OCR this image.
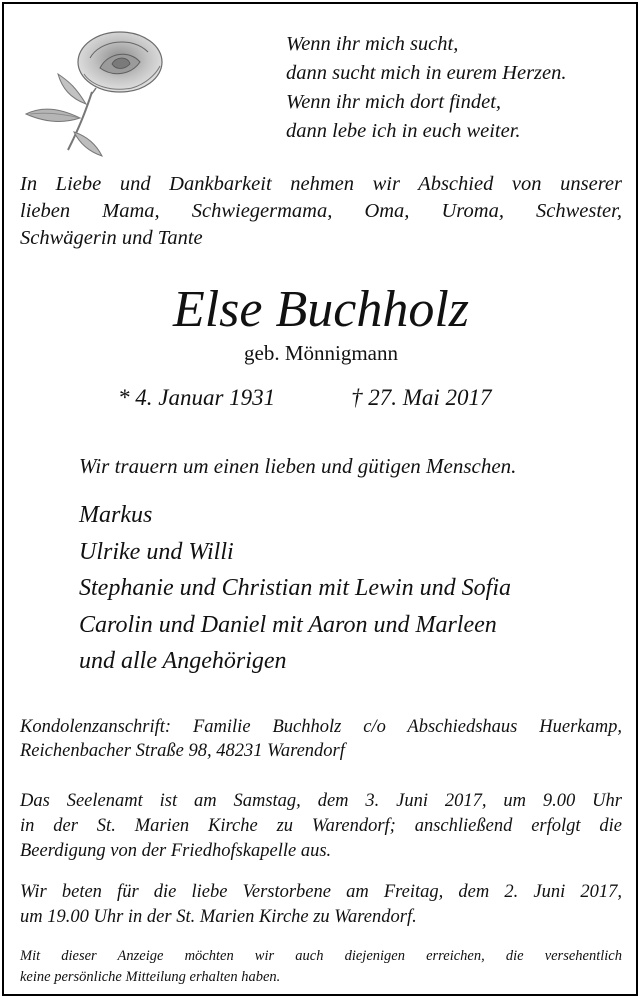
Wenn ihr mich sucht,
dann sucht mich in eurem Herzen.
Wenn ihr mich dort findet,
dann lebe ich in euch weiter.
In Liebe und Dankbarkeit nehmen wir Abschied von unserer
lieben Mama, Schwiegermama, Oma, Uroma, Schwester,
Schwägerin und Tante
Else Buchholz
geb. Mönnigmann
* 4. Januar 1931	† 27. Mai 2017
Wir trauern um einen lieben und gütigen Menschen.
Markus
Ulrike und Willi
Stephanie und Christian mit Lewin und Sofia
Carolin und Daniel mit Aaron und Marleen
und alle Angehörigen
Kondolenzanschrift: Familie Buchholz c/o Abschiedshaus Huerkamp,
Reichenbacher Straße 98, 48231 Warendorf
Das Seelenamt ist am Samstag, dem 3. Juni 2017, um 9.00 Uhr
in der St. Marien Kirche zu Warendorf; anschließend erfolgt die
Beerdigung von der Friedhofskapelle aus.
Wir beten für die liebe Verstorbene am Freitag, dem 2. Juni 2017,
um 19.00 Uhr in der St. Marien Kirche zu Warendorf.
Mit dieser Anzeige möchten wir auch diejenigen erreichen, die versehentlich
keine persönliche Mitteilung erhalten haben.
